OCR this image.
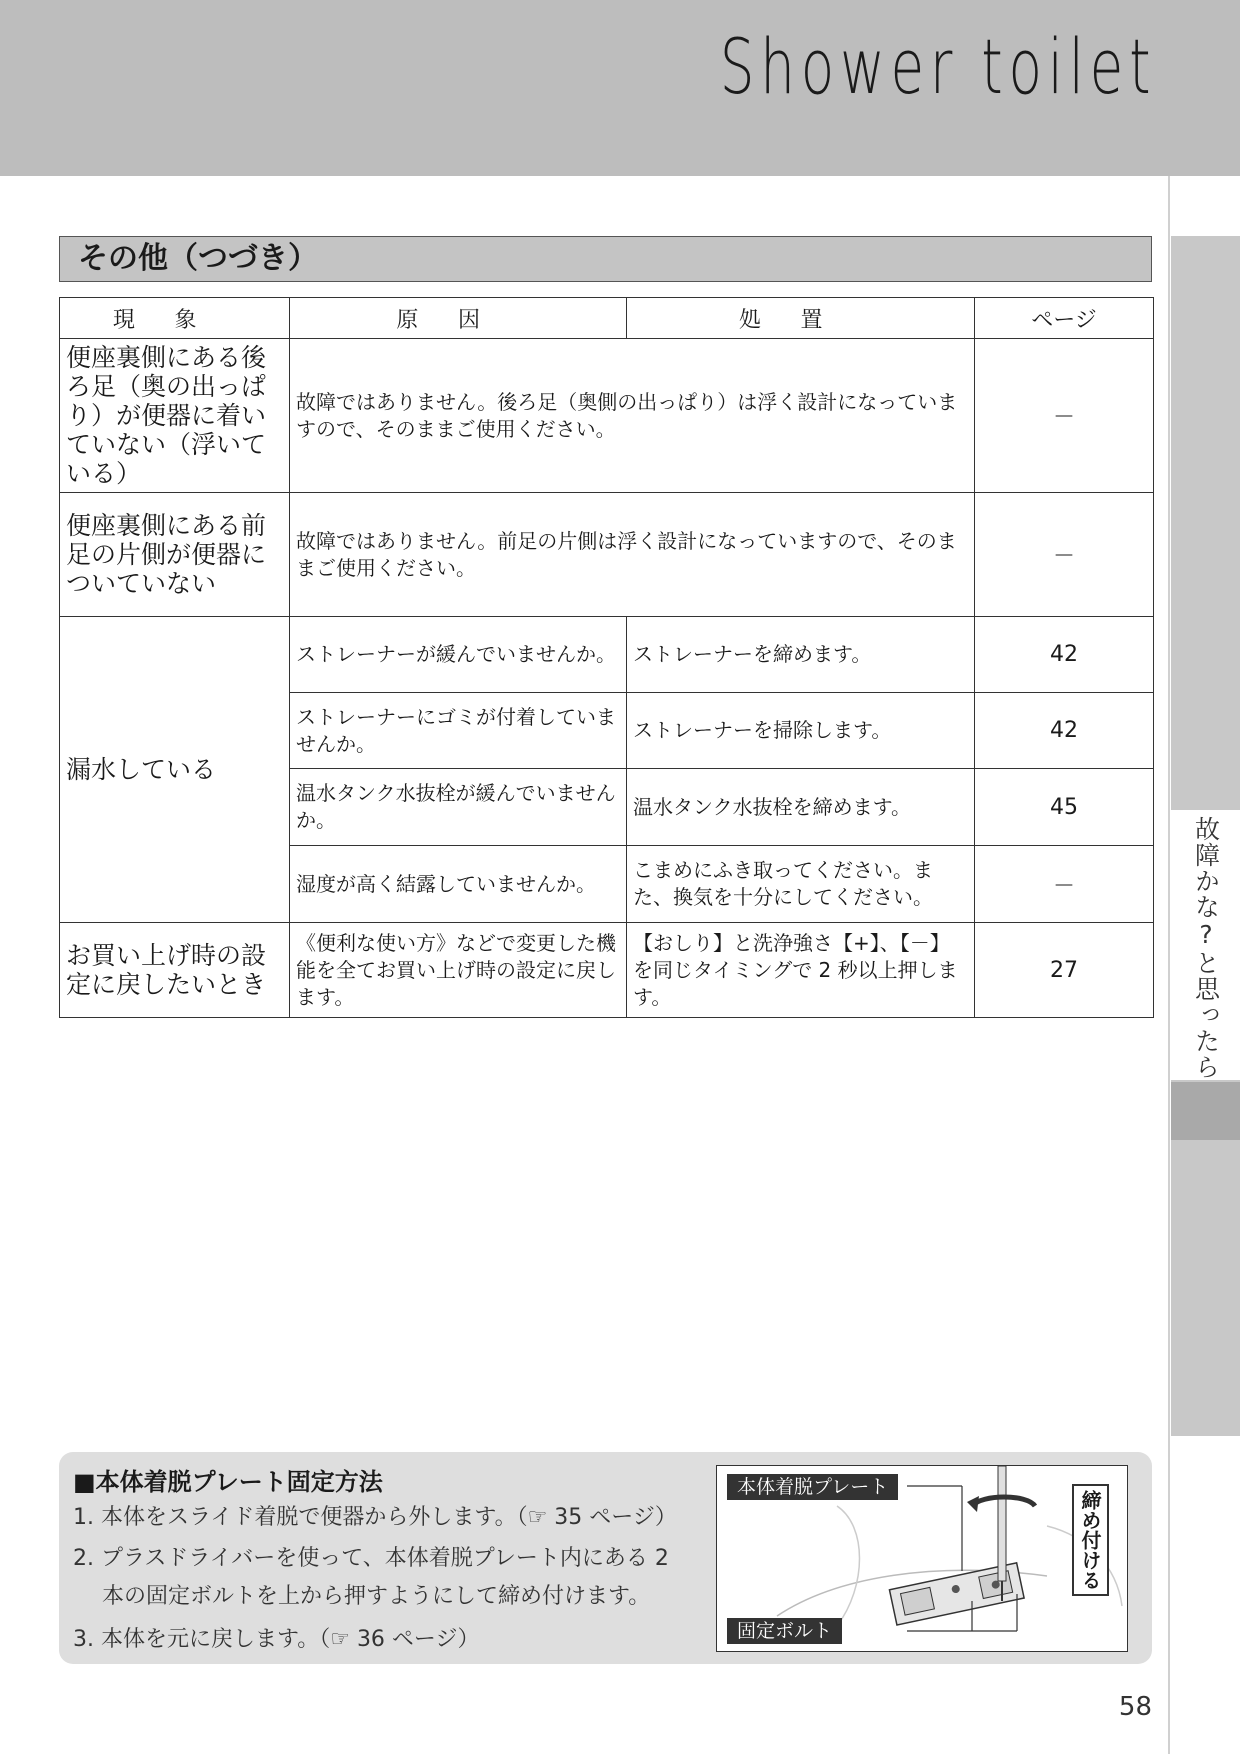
Shower toilet
故障かな?と思ったら
その他（つづき）
現象	原因	処置	ページ
便座裏側にある後ろ足（奥の出っぱり）が便器に着いていない（浮いている）	故障ではありません。後ろ足（奥側の出っぱり）は浮く設計になっていますので、そのままご使用ください。		－
便座裏側にある前足の片側が便器についていない	故障ではありません。前足の片側は浮く設計になっていますので、そのままご使用ください。		－
漏水している	ストレーナーが緩んでいませんか。	ストレーナーを締めます。	42
	ストレーナーにゴミが付着していませんか。	ストレーナーを掃除します。	42
	温水タンク水抜栓が緩んでいませんか。	温水タンク水抜栓を締めます。	45
	湿度が高く結露していませんか。	こまめにふき取ってください。また、換気を十分にしてください。	－
お買い上げ時の設定に戻したいとき	《便利な使い方》などで変更した機能を全てお買い上げ時の設定に戻します。	【おしり】と洗浄強さ【+】、【－】を同じタイミングで 2 秒以上押します。	27
■本体着脱プレート固定方法
1. 本体をスライド着脱で便器から外します。（☞ 35 ページ）
2. プラスドライバーを使って、本体着脱プレート内にある 2
本の固定ボルトを上から押すようにして締め付けます。
3. 本体を元に戻します。（☞ 36 ページ）
本体着脱プレート
固定ボルト
締め付ける
58
